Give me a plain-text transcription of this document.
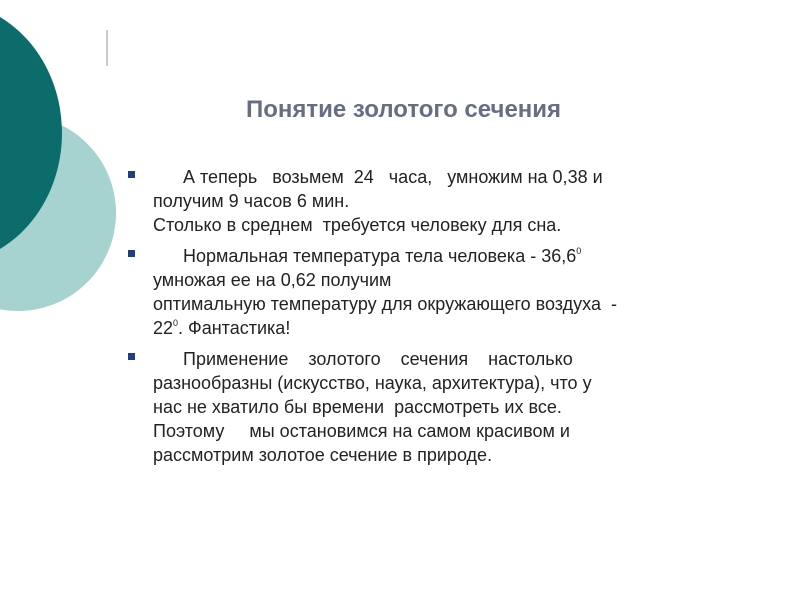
Понятие золотого сечения
А теперь   возьмем  24   часа,   умножим на 0,38 и
получим 9 часов 6 мин.
Столько в среднем  требуется человеку для сна.
Нормальная температура тела человека - 36,6$^0$
умножая ее на 0,62 получим
оптимальную температуру для окружающего воздуха  -
$22^0$. Фантастика!
Применение    золотого    сечения    настолько
разнообразны (искусство, наука, архитектура), что у
нас не хватило бы времени  рассмотреть их все.
Поэтому     мы остановимся на самом красивом и
рассмотрим золотое сечение в природе.
